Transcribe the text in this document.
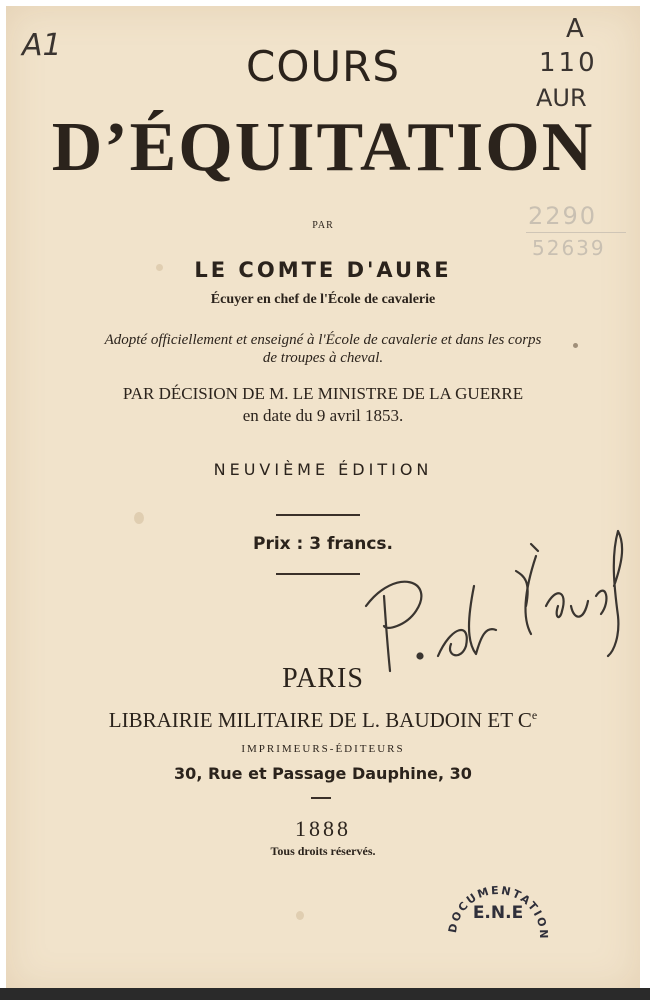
A1	A
110
AUR
2290
52639
COURS
D’ÉQUITATION
PAR
LE COMTE D'AURE
Écuyer en chef de l'École de cavalerie
Adopté officiellement et enseigné à l'École de cavalerie et dans les corps
de troupes à cheval.
PAR DÉCISION DE M. LE MINISTRE DE LA GUERRE
en date du 9 avril 1853.
NEUVIÈME ÉDITION
Prix : 3 francs.
PARIS
LIBRAIRIE MILITAIRE DE L. BAUDOIN ET Ce
IMPRIMEURS-ÉDITEURS
30, Rue et Passage Dauphine, 30
1888
Tous droits réservés.
DOCUMENTATION
E.N.E
